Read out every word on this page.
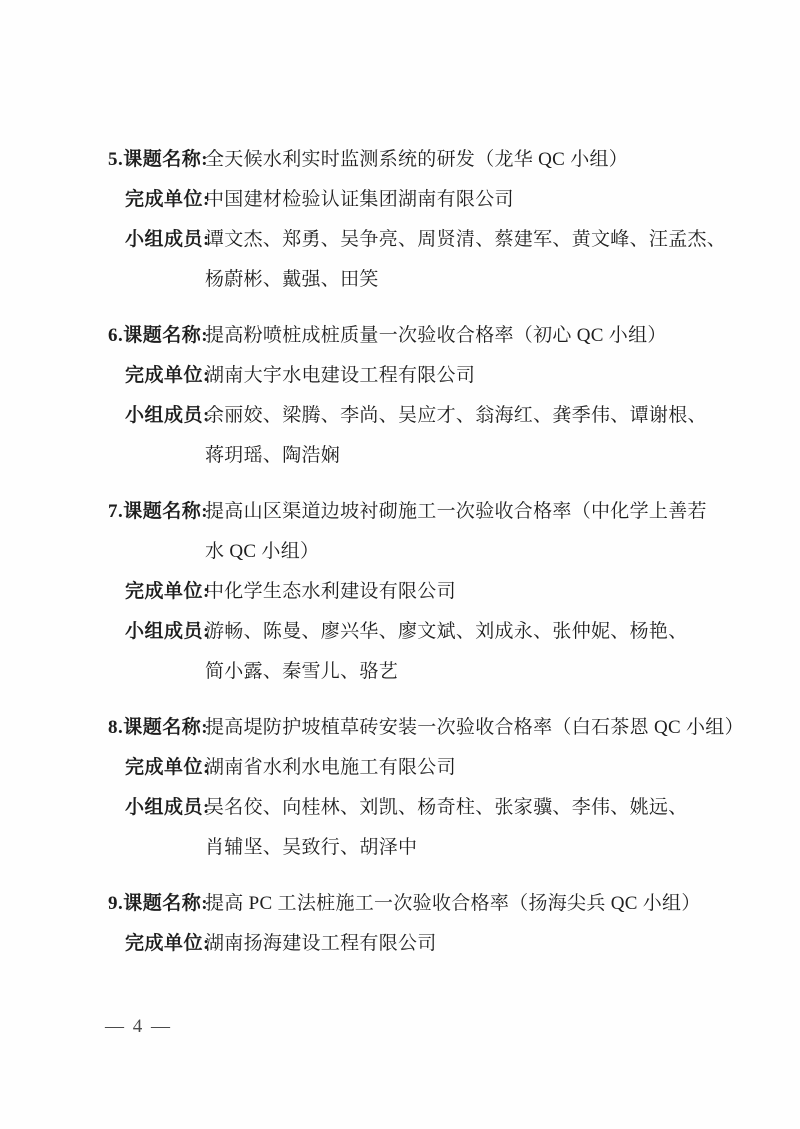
5.课题名称:
全天候水利实时监测系统的研发（龙华 QC 小组）
完成单位:
中国建材检验认证集团湖南有限公司
小组成员:
谭文杰、郑勇、吴争亮、周贤清、蔡建军、黄文峰、汪孟杰、
杨蔚彬、戴强、田笑
6.课题名称:
提高粉喷桩成桩质量一次验收合格率（初心 QC 小组）
完成单位:
湖南大宇水电建设工程有限公司
小组成员:
余丽姣、梁腾、李尚、吴应才、翁海红、龚季伟、谭谢根、
蒋玥瑶、陶浩娴
7.课题名称:
提高山区渠道边坡衬砌施工一次验收合格率（中化学上善若
水 QC 小组）
完成单位:
中化学生态水利建设有限公司
小组成员:
游畅、陈曼、廖兴华、廖文斌、刘成永、张仲妮、杨艳、
简小露、秦雪儿、骆艺
8.课题名称:
提高堤防护坡植草砖安装一次验收合格率（白石茶恩 QC 小组）
完成单位:
湖南省水利水电施工有限公司
小组成员:
吴名佼、向桂林、刘凯、杨奇柱、张家骥、李伟、姚远、
肖辅坚、吴致行、胡泽中
9.课题名称:
提高 PC 工法桩施工一次验收合格率（扬海尖兵 QC 小组）
完成单位:
湖南扬海建设工程有限公司
— 4 —
